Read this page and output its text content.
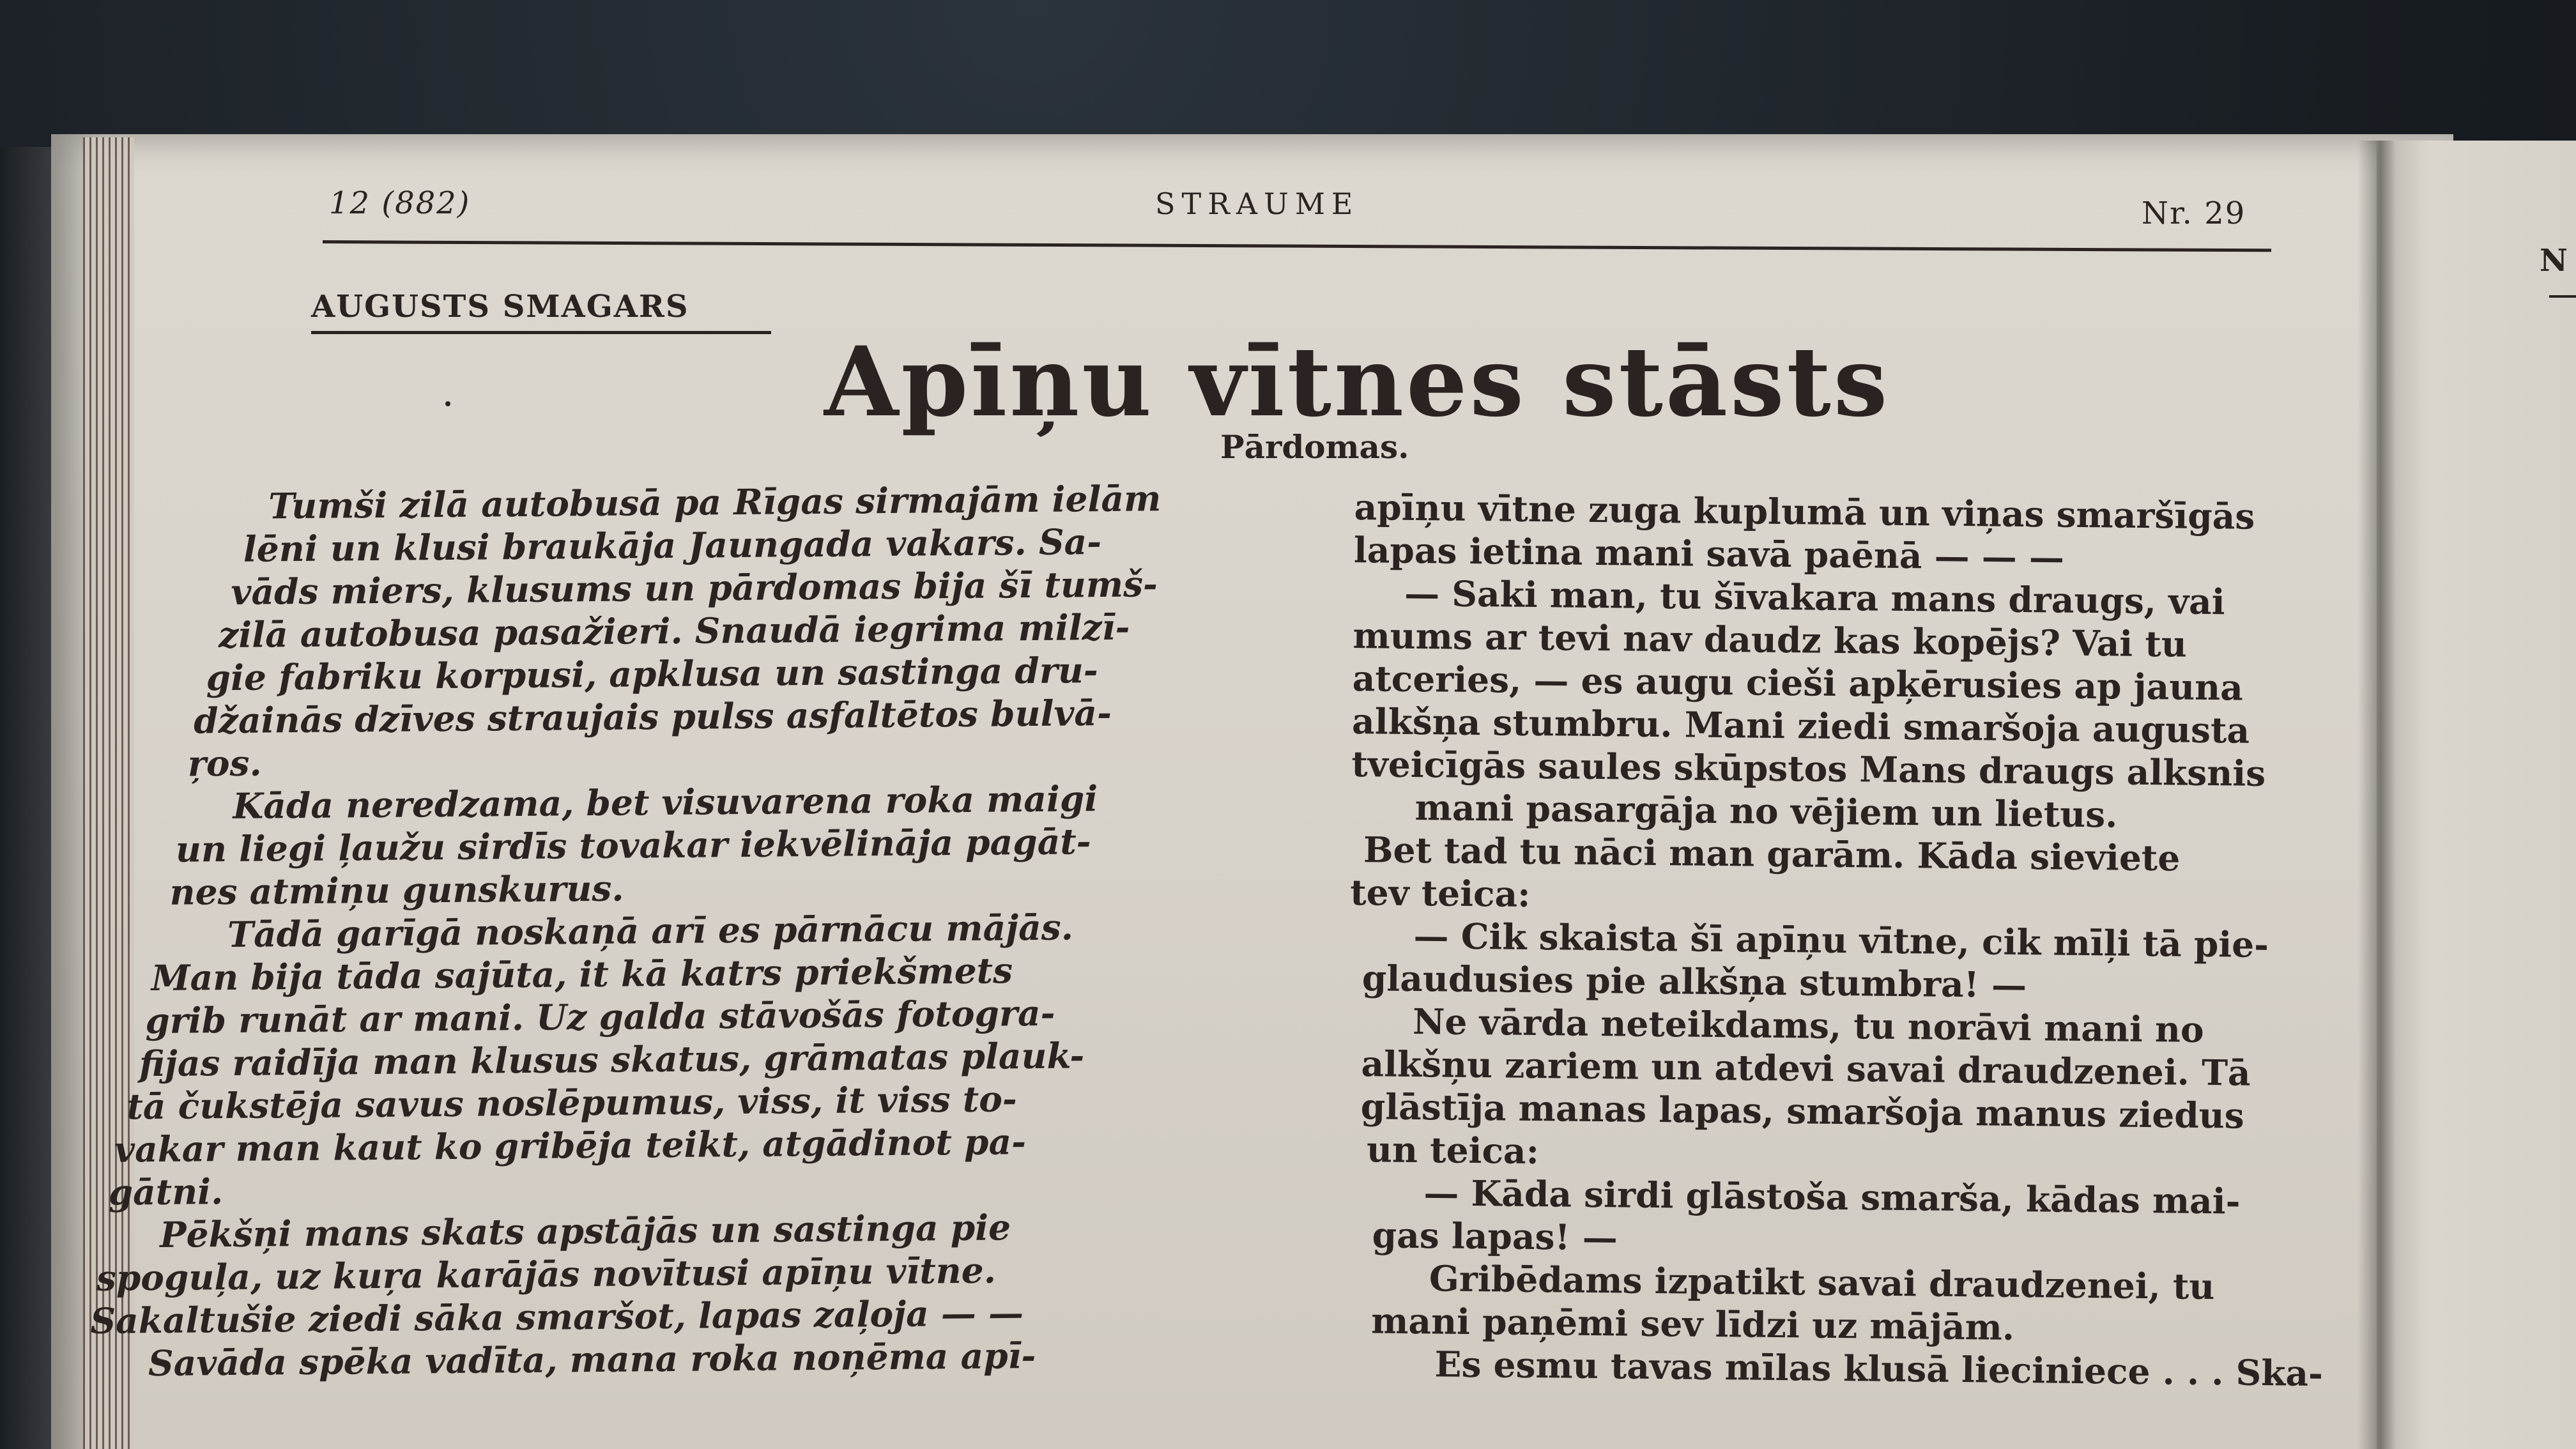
N
12 (882)	STRAUME	Nr. 29
AUGUSTS SMAGARS
Apīņu vītnes stāsts
Pārdomas.
Tumši zilā autobusā pa Rīgas sirmajām ielām
lēni un klusi braukāja Jaungada vakars. Sa-
vāds miers, klusums un pārdomas bija šī tumš-
zilā autobusa pasažieri. Snaudā iegrima milzī-
gie fabriku korpusi, apklusa un sastinga dru-
džainās dzīves straujais pulss asfaltētos bulvā-
ŗos.
Kāda neredzama, bet visuvarena roka maigi
un liegi ļaužu sirdīs tovakar iekvēlināja pagāt-
nes atmiņu gunskurus.
Tādā garīgā noskaņā arī es pārnācu mājās.
Man bija tāda sajūta, it kā katrs priekšmets
grib runāt ar mani. Uz galda stāvošās fotogra-
fijas raidīja man klusus skatus, grāmatas plauk-
tā čukstēja savus noslēpumus, viss, it viss to-
vakar man kaut ko gribēja teikt, atgādinot pa-
gātni.
Pēkšņi mans skats apstājās un sastinga pie
spoguļa, uz kuŗa karājās novītusi apīņu vītne.
Sakaltušie ziedi sāka smaršot, lapas zaļoja — —
Savāda spēka vadīta, mana roka noņēma apī-
apīņu vītne ⁠zuga kuplumā un viņas smaršīgās
lapas ietina mani savā paēnā — — —
— Saki man, tu šīvakara mans draugs, vai
mums ar tevi nav daudz kas kopējs? Vai tu
atceries, — es augu cieši apķērusies ap jauna
alkšņa stumbru. Mani ziedi smaršoja augusta
tveicīgās saules skūpstos Mans draugs alksnis
mani pasargāja no vējiem un lietus.
Bet tad tu nāci man garām. Kāda sieviete
tev teica:
— Cik skaista šī apīņu vītne, cik mīļi tā pie-
glaudusies pie alkšņa stumbra! —
Ne vārda neteikdams, tu norāvi mani no
alkšņu zariem un atdevi savai draudzenei. Tā
glāstīja manas lapas, smaršoja manus ziedus
un teica:
— Kāda sirdi glāstoša smarša, kādas mai-
gas lapas! —
Gribēdams izpatikt savai draudzenei, tu
mani paņēmi sev līdzi uz mājām.
Es esmu tavas mīlas klusā lieciniece . . . Ska-
